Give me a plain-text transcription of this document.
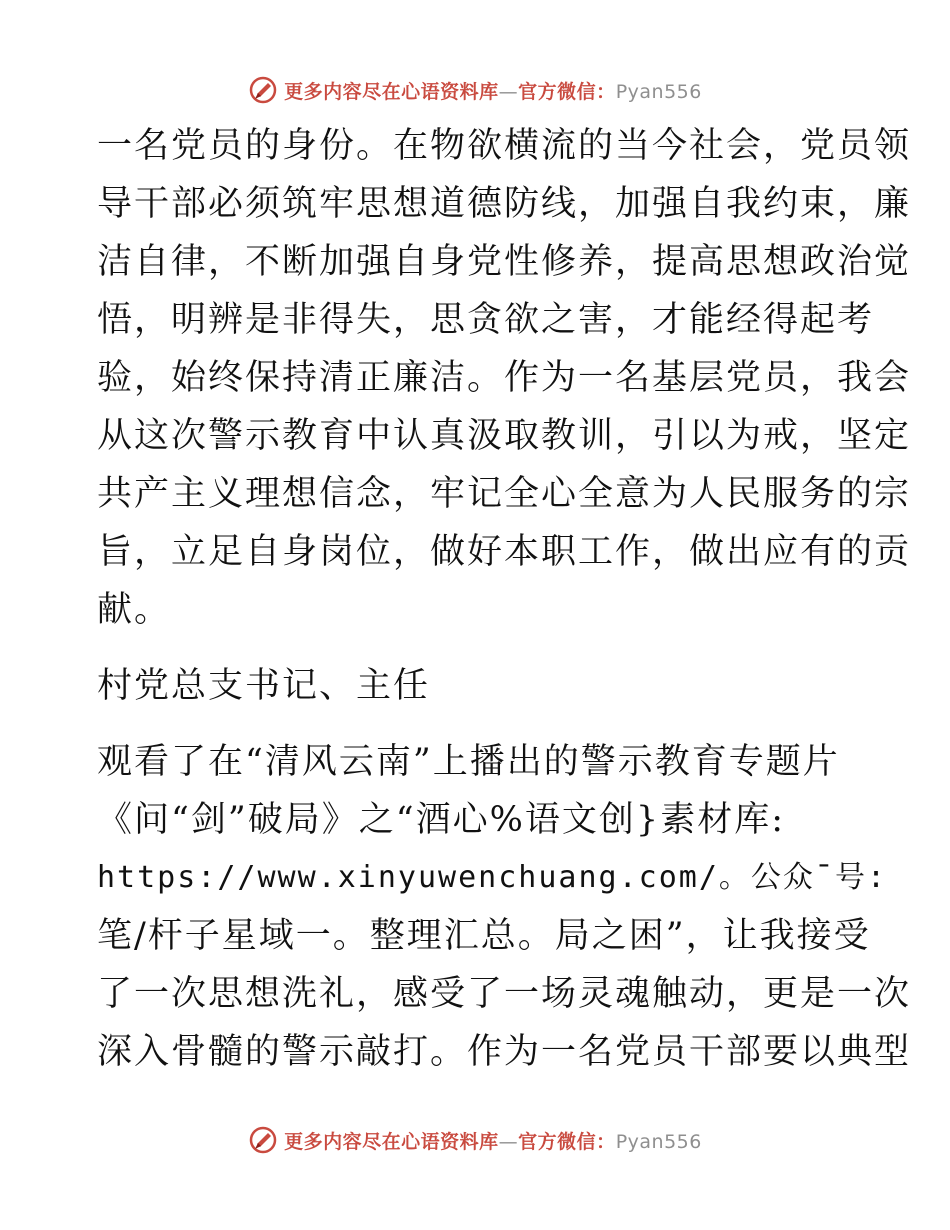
更多内容尽在心语资料库—官方微信：Pyan556
一名党员的身份。在物欲横流的当今社会，党员领
导干部必须筑牢思想道德防线，加强自我约束，廉
洁自律，不断加强自身党性修养，提高思想政治觉
悟，明辨是非得失，思贪欲之害，才能经得起考
验，始终保持清正廉洁。作为一名基层党员，我会
从这次警示教育中认真汲取教训，引以为戒，坚定
共产主义理想信念，牢记全心全意为人民服务的宗
旨，立足自身岗位，做好本职工作，做出应有的贡
献。
村党总支书记、主任
观看了在“清风云南”上播出的警示教育专题片
《问“剑”破局》之“酒心%语文创}素材库:
https://www.xinyuwenchuang.com/。公众¯号:
笔/杆子星域一。整理汇总。局之困”，让我接受
了一次思想洗礼，感受了一场灵魂触动，更是一次
深入骨髓的警示敲打。作为一名党员干部要以典型
更多内容尽在心语资料库—官方微信：Pyan556
